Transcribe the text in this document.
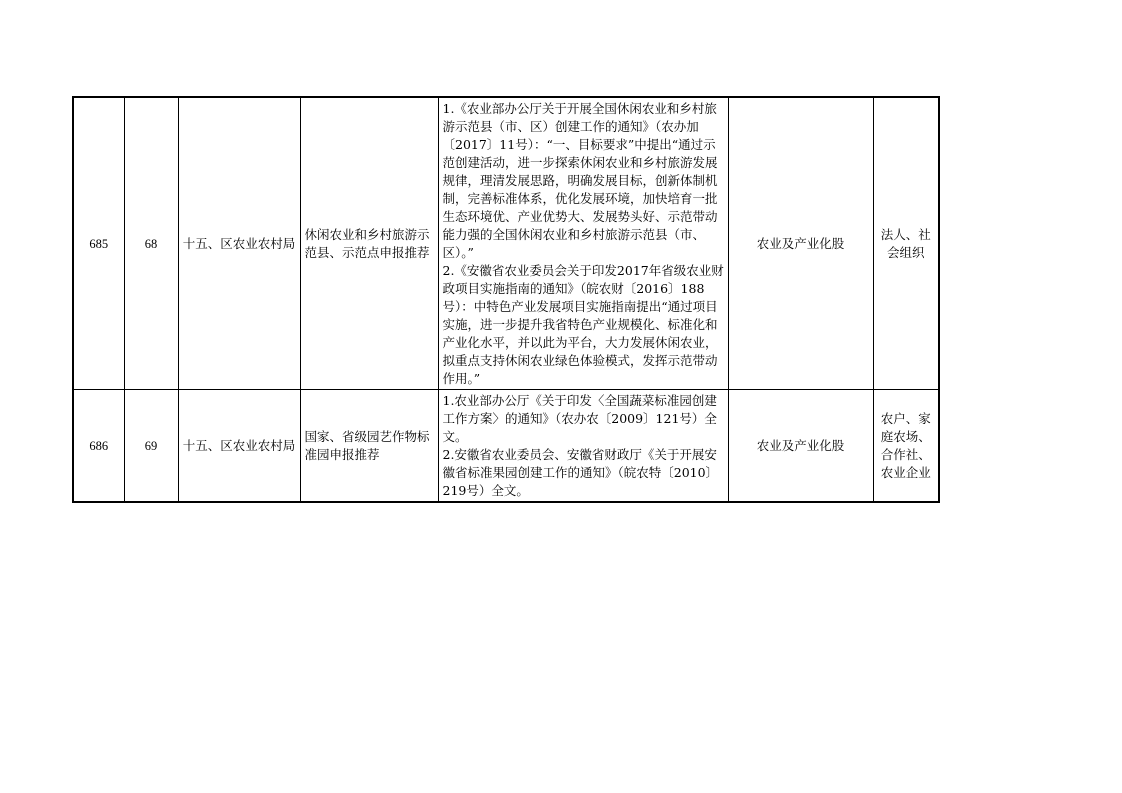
685	68	十五、区农业农村局	休闲农业和乡村旅游示范县、示范点申报推荐	1.《农业部办公厅关于开展全国休闲农业和乡村旅游示范县（市、区）创建工作的通知》（农办加〔2017〕11号）：“一、目标要求”中提出“通过示范创建活动，进一步探索休闲农业和乡村旅游发展规律，理清发展思路，明确发展目标，创新体制机制，完善标准体系，优化发展环境，加快培育一批生态环境优、产业优势大、发展势头好、示范带动能力强的全国休闲农业和乡村旅游示范县（市、区）。”
2.《安徽省农业委员会关于印发2017年省级农业财政项目实施指南的通知》（皖农财〔2016〕188号）：中特色产业发展项目实施指南提出“通过项目实施，进一步提升我省特色产业规模化、标准化和产业化水平，并以此为平台，大力发展休闲农业，拟重点支持休闲农业绿色体验模式，发挥示范带动作用。”	农业及产业化股	法人、社会组织
686	69	十五、区农业农村局	国家、省级园艺作物标准园申报推荐	1.农业部办公厅《关于印发〈全国蔬菜标准园创建工作方案〉的通知》（农办农〔2009〕121号）全文。
2.安徽省农业委员会、安徽省财政厅《关于开展安徽省标准果园创建工作的通知》（皖农特〔2010〕219号）全文。	农业及产业化股	农户、家庭农场、合作社、农业企业
